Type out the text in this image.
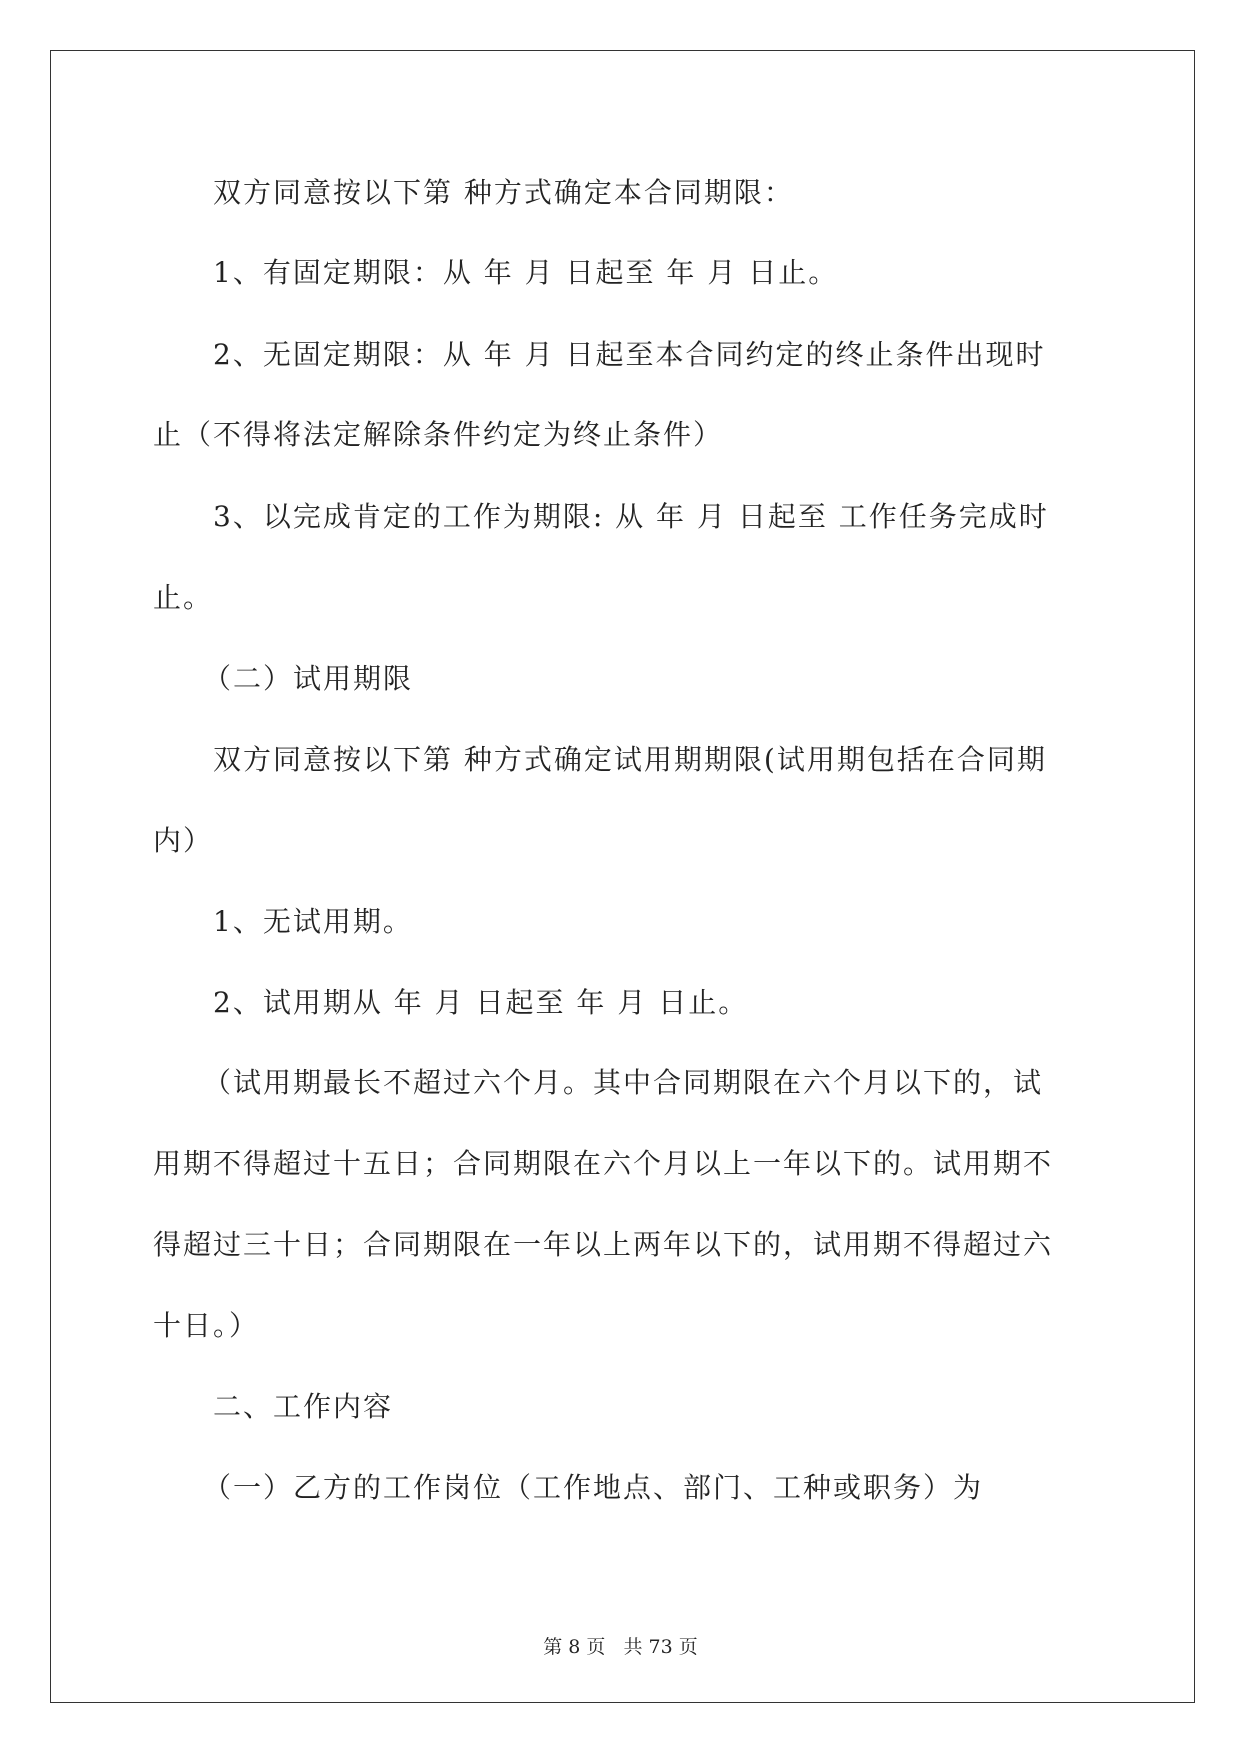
双方同意按以下第 种方式确定本合同期限：
1、有固定期限：从 年 月 日起至 年 月 日止。
2、无固定期限：从 年 月 日起至本合同约定的终止条件出现时
止（不得将法定解除条件约定为终止条件）
3、以完成肯定的工作为期限: 从 年 月 日起至 工作任务完成时
止。
（二）试用期限
双方同意按以下第 种方式确定试用期期限(试用期包括在合同期
内）
1、无试用期。
2、试用期从 年 月 日起至 年 月 日止。
（试用期最长不超过六个月。其中合同期限在六个月以下的，试
用期不得超过十五日；合同期限在六个月以上一年以下的。试用期不
得超过三十日；合同期限在一年以上两年以下的，试用期不得超过六
十日。）
二、工作内容
（一）乙方的工作岗位（工作地点、部门、工种或职务）为
第 8 页   共 73 页
